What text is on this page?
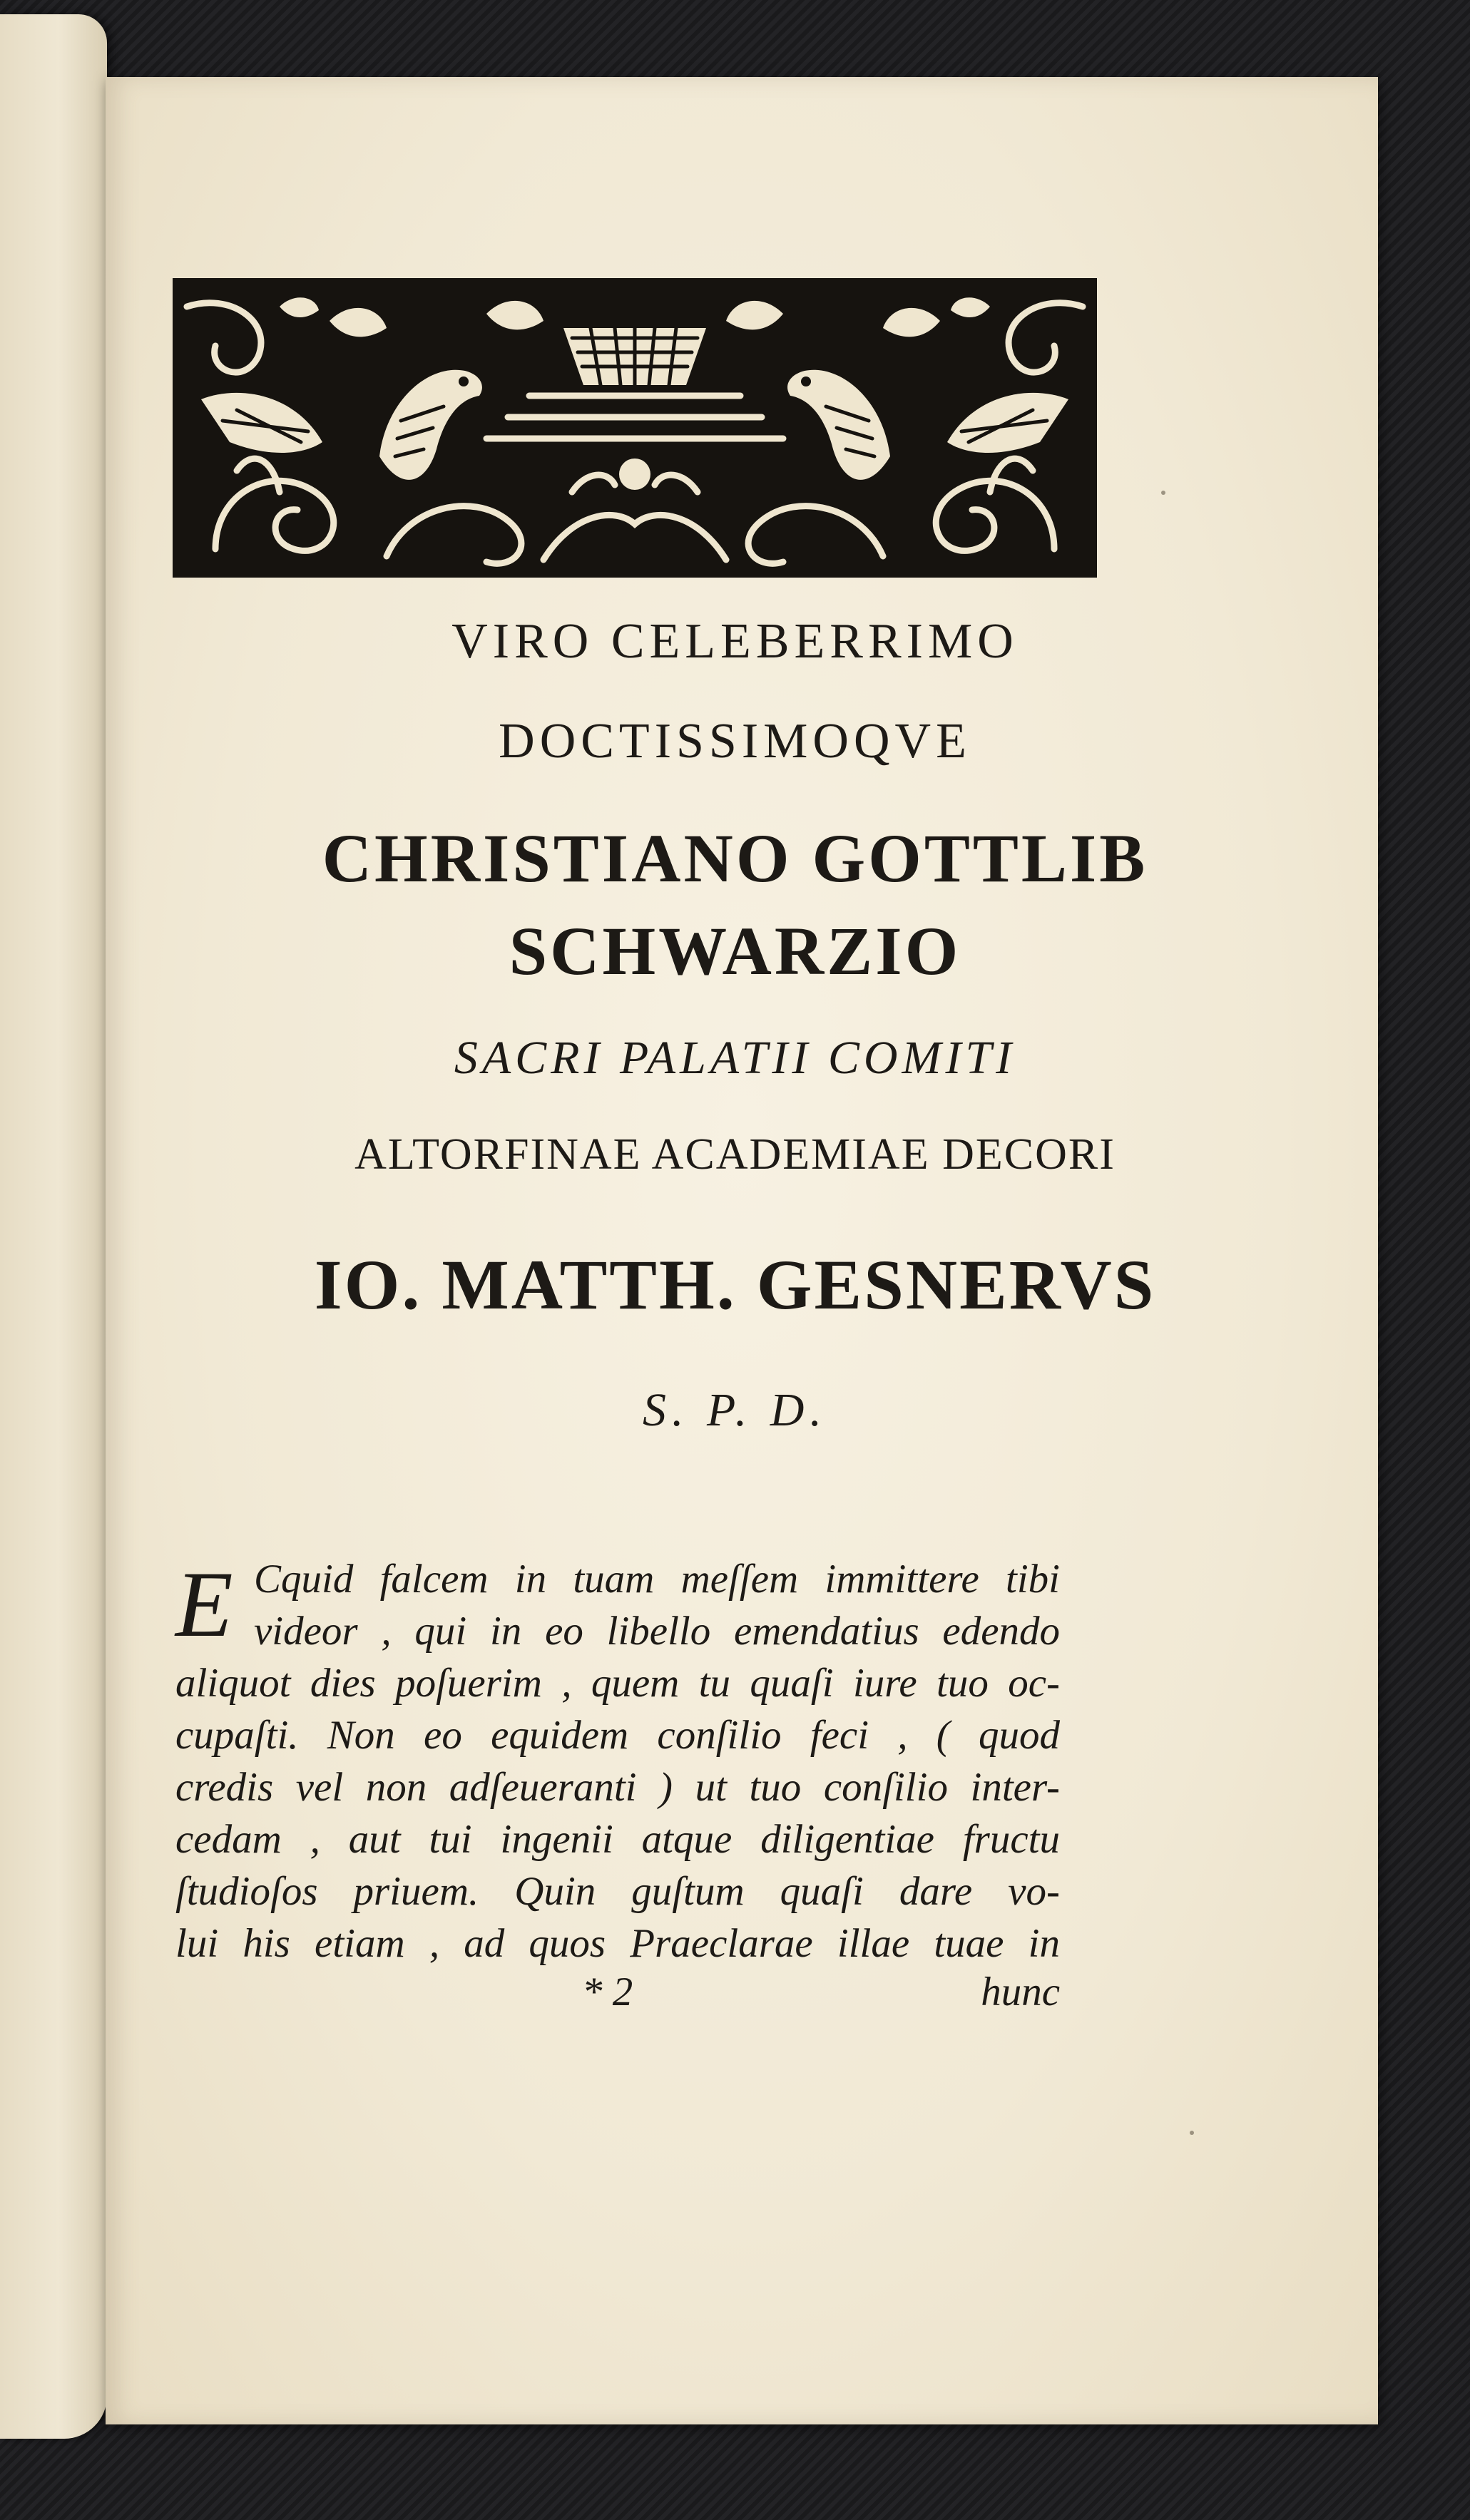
VIRO CELEBERRIMO
DOCTISSIMOQVE
CHRISTIANO GOTTLIB
SCHWARZIO
SACRI PALATII COMITI
ALTORFINAE ACADEMIAE DECORI
IO. MATTH. GESNERVS
S. P. D.
E Cquid falcem in tuam meſſem immittere tibi
videor , qui in eo libello emendatius edendo
aliquot dies poſuerim , quem tu quaſi iure tuo oc-
cupaſti. Non eo equidem conſilio feci , ( quod
credis vel non adſeueranti ) ut tuo conſilio inter-
cedam , aut tui ingenii atque diligentiae fructu
ſtudioſos priuem. Quin guſtum quaſi dare vo-
lui his etiam , ad quos Praeclarae illae tuae in
* 2	hunc
